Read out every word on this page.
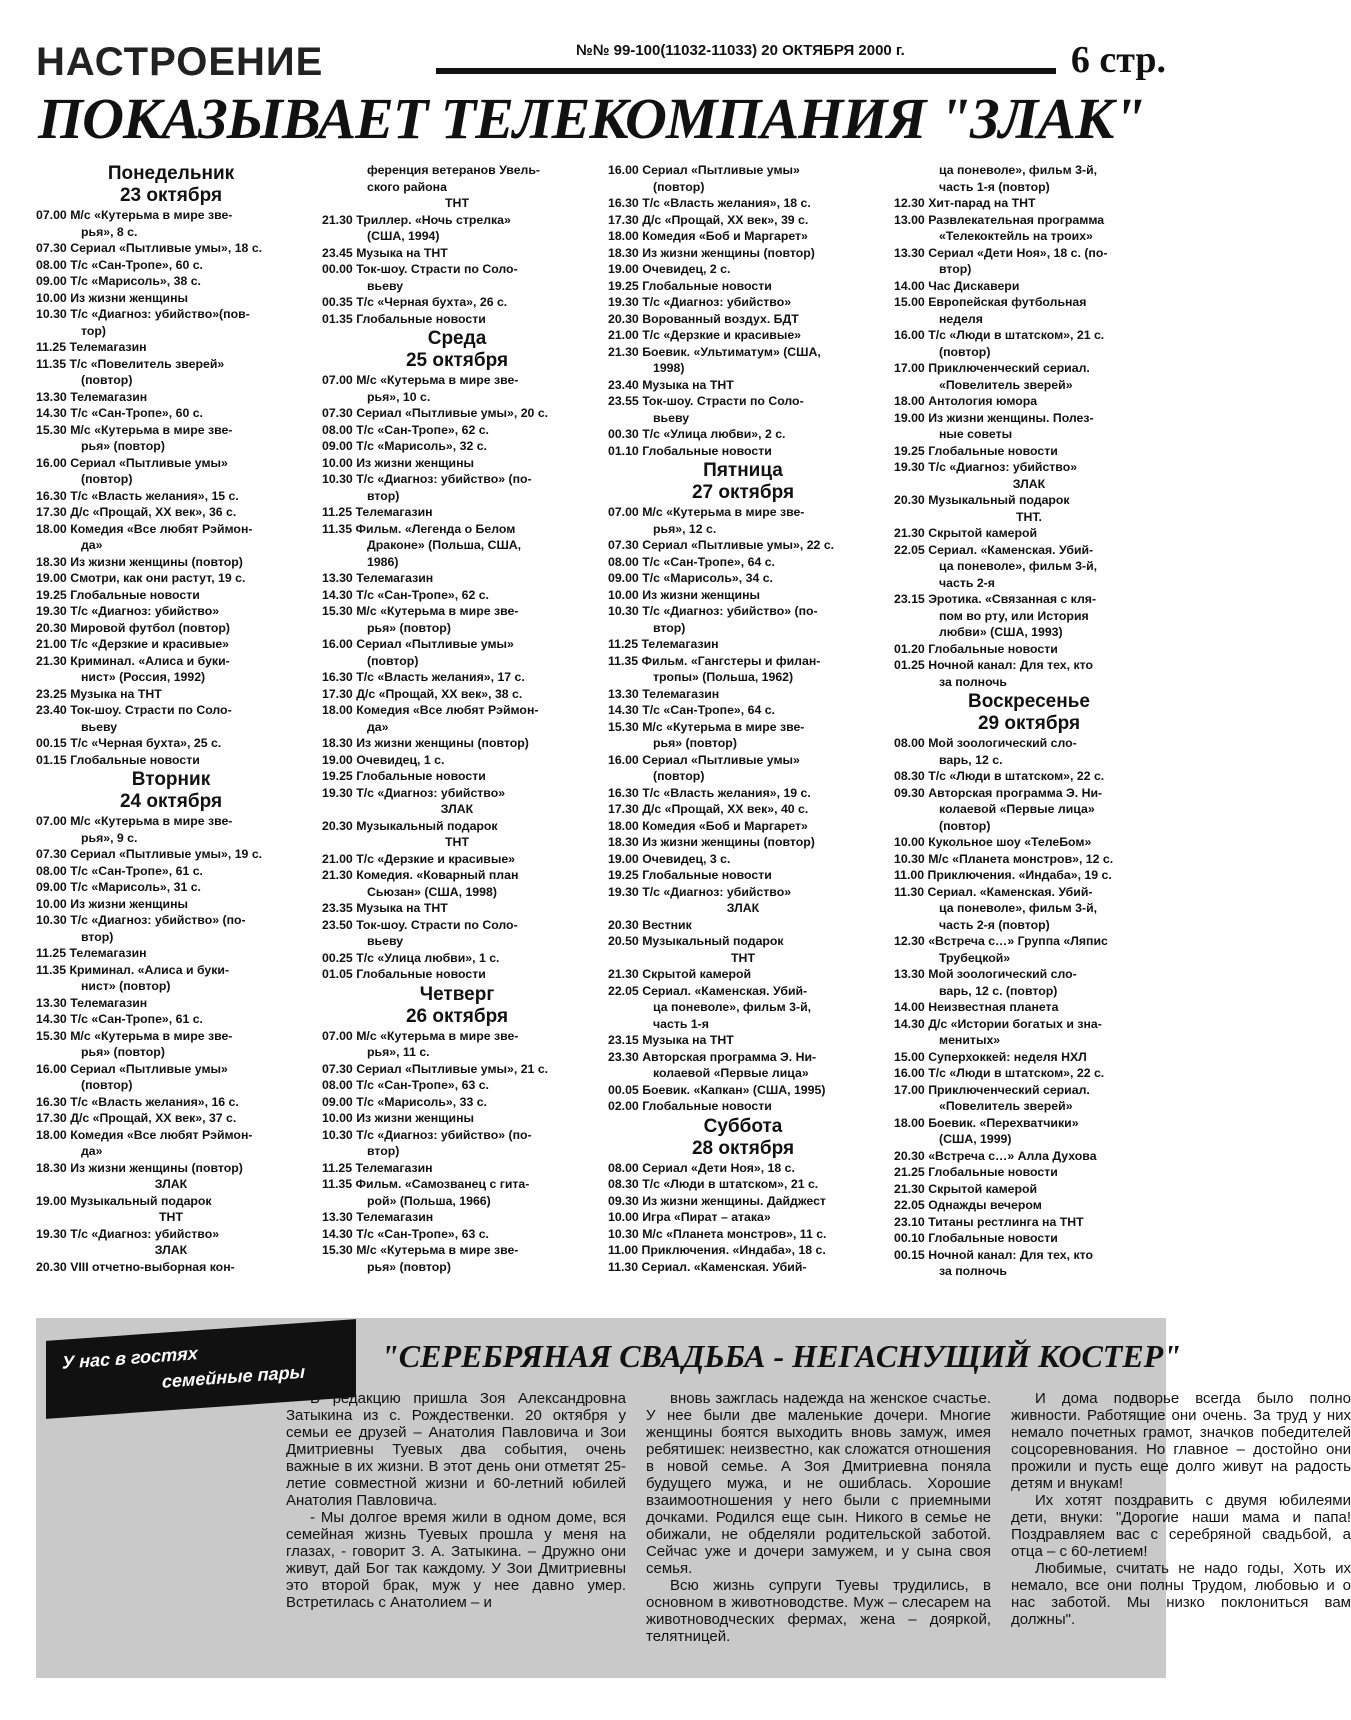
НАСТРОЕНИЕ	№№ 99-100(11032-11033) 20 ОКТЯБРЯ 2000 г.	6 стр.
ПОКАЗЫВАЕТ ТЕЛЕКОМПАНИЯ "ЗЛАК"
Понедельник
23 октября
07.00 М/с «Кутерьма в мире зве-
рья», 8 с.
07.30 Сериал «Пытливые умы», 18 с.
08.00 Т/с «Сан-Тропе», 60 с.
09.00 Т/с «Марисоль», 38 с.
10.00 Из жизни женщины
10.30 Т/с «Диагноз: убийство»(пов-
тор)
11.25 Телемагазин
11.35 Т/с «Повелитель зверей»
(повтор)
13.30 Телемагазин
14.30 Т/с «Сан-Тропе», 60 с.
15.30 М/с «Кутерьма в мире зве-
рья» (повтор)
16.00 Сериал «Пытливые умы»
(повтор)
16.30 Т/с «Власть желания», 15 с.
17.30 Д/с «Прощай, XX век», 36 с.
18.00 Комедия «Все любят Рэймон-
да»
18.30 Из жизни женщины (повтор)
19.00 Смотри, как они растут, 19 с.
19.25 Глобальные новости
19.30 Т/с «Диагноз: убийство»
20.30 Мировой футбол (повтор)
21.00 Т/с «Дерзкие и красивые»
21.30 Криминал. «Алиса и буки-
нист» (Россия, 1992)
23.25 Музыка на ТНТ
23.40 Ток-шоу. Страсти по Соло-
вьеву
00.15 Т/с «Черная бухта», 25 с.
01.15 Глобальные новости
Вторник
24 октября
07.00 М/с «Кутерьма в мире зве-
рья», 9 с.
07.30 Сериал «Пытливые умы», 19 с.
08.00 Т/с «Сан-Тропе», 61 с.
09.00 Т/с «Марисоль», 31 с.
10.00 Из жизни женщины
10.30 Т/с «Диагноз: убийство» (по-
втор)
11.25 Телемагазин
11.35 Криминал. «Алиса и буки-
нист» (повтор)
13.30 Телемагазин
14.30 Т/с «Сан-Тропе», 61 с.
15.30 М/с «Кутерьма в мире зве-
рья» (повтор)
16.00 Сериал «Пытливые умы»
(повтор)
16.30 Т/с «Власть желания», 16 с.
17.30 Д/с «Прощай, XX век», 37 с.
18.00 Комедия «Все любят Рэймон-
да»
18.30 Из жизни женщины (повтор)
ЗЛАК
19.00 Музыкальный подарок
ТНТ
19.30 Т/с «Диагноз: убийство»
ЗЛАК
20.30 VIII отчетно-выборная кон-
ференция ветеранов Увель-
ского района
ТНТ
21.30 Триллер. «Ночь стрелка»
(США, 1994)
23.45 Музыка на ТНТ
00.00 Ток-шоу. Страсти по Соло-
вьеву
00.35 Т/с «Черная бухта», 26 с.
01.35 Глобальные новости
Среда
25 октября
07.00 М/с «Кутерьма в мире зве-
рья», 10 с.
07.30 Сериал «Пытливые умы», 20 с.
08.00 Т/с «Сан-Тропе», 62 с.
09.00 Т/с «Марисоль», 32 с.
10.00 Из жизни женщины
10.30 Т/с «Диагноз: убийство» (по-
втор)
11.25 Телемагазин
11.35 Фильм. «Легенда о Белом
Драконе» (Польша, США,
1986)
13.30 Телемагазин
14.30 Т/с «Сан-Тропе», 62 с.
15.30 М/с «Кутерьма в мире зве-
рья» (повтор)
16.00 Сериал «Пытливые умы»
(повтор)
16.30 Т/с «Власть желания», 17 с.
17.30 Д/с «Прощай, XX век», 38 с.
18.00 Комедия «Все любят Рэймон-
да»
18.30 Из жизни женщины (повтор)
19.00 Очевидец, 1 с.
19.25 Глобальные новости
19.30 Т/с «Диагноз: убийство»
ЗЛАК
20.30 Музыкальный подарок
ТНТ
21.00 Т/с «Дерзкие и красивые»
21.30 Комедия. «Коварный план
Сьюзан» (США, 1998)
23.35 Музыка на ТНТ
23.50 Ток-шоу. Страсти по Соло-
вьеву
00.25 Т/с «Улица любви», 1 с.
01.05 Глобальные новости
Четверг
26 октября
07.00 М/с «Кутерьма в мире зве-
рья», 11 с.
07.30 Сериал «Пытливые умы», 21 с.
08.00 Т/с «Сан-Тропе», 63 с.
09.00 Т/с «Марисоль», 33 с.
10.00 Из жизни женщины
10.30 Т/с «Диагноз: убийство» (по-
втор)
11.25 Телемагазин
11.35 Фильм. «Самозванец с гита-
рой» (Польша, 1966)
13.30 Телемагазин
14.30 Т/с «Сан-Тропе», 63 с.
15.30 М/с «Кутерьма в мире зве-
рья» (повтор)
16.00 Сериал «Пытливые умы»
(повтор)
16.30 Т/с «Власть желания», 18 с.
17.30 Д/с «Прощай, XX век», 39 с.
18.00 Комедия «Боб и Маргарет»
18.30 Из жизни женщины (повтор)
19.00 Очевидец, 2 с.
19.25 Глобальные новости
19.30 Т/с «Диагноз: убийство»
20.30 Ворованный воздух. БДТ
21.00 Т/с «Дерзкие и красивые»
21.30 Боевик. «Ультиматум» (США,
1998)
23.40 Музыка на ТНТ
23.55 Ток-шоу. Страсти по Соло-
вьеву
00.30 Т/с «Улица любви», 2 с.
01.10 Глобальные новости
Пятница
27 октября
07.00 М/с «Кутерьма в мире зве-
рья», 12 с.
07.30 Сериал «Пытливые умы», 22 с.
08.00 Т/с «Сан-Тропе», 64 с.
09.00 Т/с «Марисоль», 34 с.
10.00 Из жизни женщины
10.30 Т/с «Диагноз: убийство» (по-
втор)
11.25 Телемагазин
11.35 Фильм. «Гангстеры и филан-
тропы» (Польша, 1962)
13.30 Телемагазин
14.30 Т/с «Сан-Тропе», 64 с.
15.30 М/с «Кутерьма в мире зве-
рья» (повтор)
16.00 Сериал «Пытливые умы»
(повтор)
16.30 Т/с «Власть желания», 19 с.
17.30 Д/с «Прощай, XX век», 40 с.
18.00 Комедия «Боб и Маргарет»
18.30 Из жизни женщины (повтор)
19.00 Очевидец, 3 с.
19.25 Глобальные новости
19.30 Т/с «Диагноз: убийство»
ЗЛАК
20.30 Вестник
20.50 Музыкальный подарок
ТНТ
21.30 Скрытой камерой
22.05 Сериал. «Каменская. Убий-
ца поневоле», фильм 3-й,
часть 1-я
23.15 Музыка на ТНТ
23.30 Авторская программа Э. Ни-
колаевой «Первые лица»
00.05 Боевик. «Капкан» (США, 1995)
02.00 Глобальные новости
Суббота
28 октября
08.00 Сериал «Дети Ноя», 18 с.
08.30 Т/с «Люди в штатском», 21 с.
09.30 Из жизни женщины. Дайджест
10.00 Игра «Пират – атака»
10.30 М/с «Планета монстров», 11 с.
11.00 Приключения. «Индаба», 18 с.
11.30 Сериал. «Каменская. Убий-
ца поневоле», фильм 3-й,
часть 1-я (повтор)
12.30 Хит-парад на ТНТ
13.00 Развлекательная программа
«Телекоктейль на троих»
13.30 Сериал «Дети Ноя», 18 с. (по-
втор)
14.00 Час Дискавери
15.00 Европейская футбольная
неделя
16.00 Т/с «Люди в штатском», 21 с.
(повтор)
17.00 Приключенческий сериал.
«Повелитель зверей»
18.00 Антология юмора
19.00 Из жизни женщины. Полез-
ные советы
19.25 Глобальные новости
19.30 Т/с «Диагноз: убийство»
ЗЛАК
20.30 Музыкальный подарок
ТНТ.
21.30 Скрытой камерой
22.05 Сериал. «Каменская. Убий-
ца поневоле», фильм 3-й,
часть 2-я
23.15 Эротика. «Связанная с кля-
пом во рту, или История
любви» (США, 1993)
01.20 Глобальные новости
01.25 Ночной канал: Для тех, кто
за полночь
Воскресенье
29 октября
08.00 Мой зоологический сло-
варь, 12 с.
08.30 Т/с «Люди в штатском», 22 с.
09.30 Авторская программа Э. Ни-
колаевой «Первые лица»
(повтор)
10.00 Кукольное шоу «ТелеБом»
10.30 М/с «Планета монстров», 12 с.
11.00 Приключения. «Индаба», 19 с.
11.30 Сериал. «Каменская. Убий-
ца поневоле», фильм 3-й,
часть 2-я (повтор)
12.30 «Встреча с…» Группа «Ляпис
Трубецкой»
13.30 Мой зоологический сло-
варь, 12 с. (повтор)
14.00 Неизвестная планета
14.30 Д/с «Истории богатых и зна-
менитых»
15.00 Суперхоккей: неделя НХЛ
16.00 Т/с «Люди в штатском», 22 с.
17.00 Приключенческий сериал.
«Повелитель зверей»
18.00 Боевик. «Перехватчики»
(США, 1999)
20.30 «Встреча с…» Алла Духова
21.25 Глобальные новости
21.30 Скрытой камерой
22.05 Однажды вечером
23.10 Титаны рестлинга на ТНТ
00.10 Глобальные новости
00.15 Ночной канал: Для тех, кто
за полночь
У нас в гостях
семейные пары
"СЕРЕБРЯНАЯ СВАДЬБА - НЕГАСНУЩИЙ КОСТЕР"

В редакцию пришла Зоя Александровна Затыкина из с. Рождественки. 20 октября у семьи ее друзей – Анатолия Павловича и Зои Дмитриевны Туевых два события, очень важные в их жизни. В этот день они отметят 25-летие совместной жизни и 60-летний юбилей Анатолия Павловича.

- Мы долгое время жили в одном доме, вся семейная жизнь Туевых прошла у меня на глазах, - говорит З. А. Затыкина. – Дружно они живут, дай Бог так каждому. У Зои Дмитриевны это второй брак, муж у нее давно умер. Встретилась с Анатолием – и

вновь зажглась надежда на женское счастье. У нее были две маленькие дочери. Многие женщины боятся выходить вновь замуж, имея ребятишек: неизвестно, как сложатся отношения в новой семье. А Зоя Дмитриевна поняла будущего мужа, и не ошиблась. Хорошие взаимоотношения у него были с приемными дочками. Родился еще сын. Никого в семье не обижали, не обделяли родительской заботой. Сейчас уже и дочери замужем, и у сына своя семья.

Всю жизнь супруги Туевы трудились, в основном в животноводстве. Муж – слесарем на животноводческих фермах, жена – дояркой, телятницей.

И дома подворье всегда было полно живности. Работящие они очень. За труд у них немало почетных грамот, значков победителей соцсоревнования. Но главное – достойно они прожили и пусть еще долго живут на радость детям и внукам!

Их хотят поздравить с двумя юбилеями дети, внуки: "Дорогие наши мама и папа! Поздравляем вас с серебряной свадьбой, а отца – с 60-летием!

Любимые, считать не надо годы, Хоть их немало, все они полны Трудом, любовью и о нас заботой. Мы низко поклониться вам должны".
